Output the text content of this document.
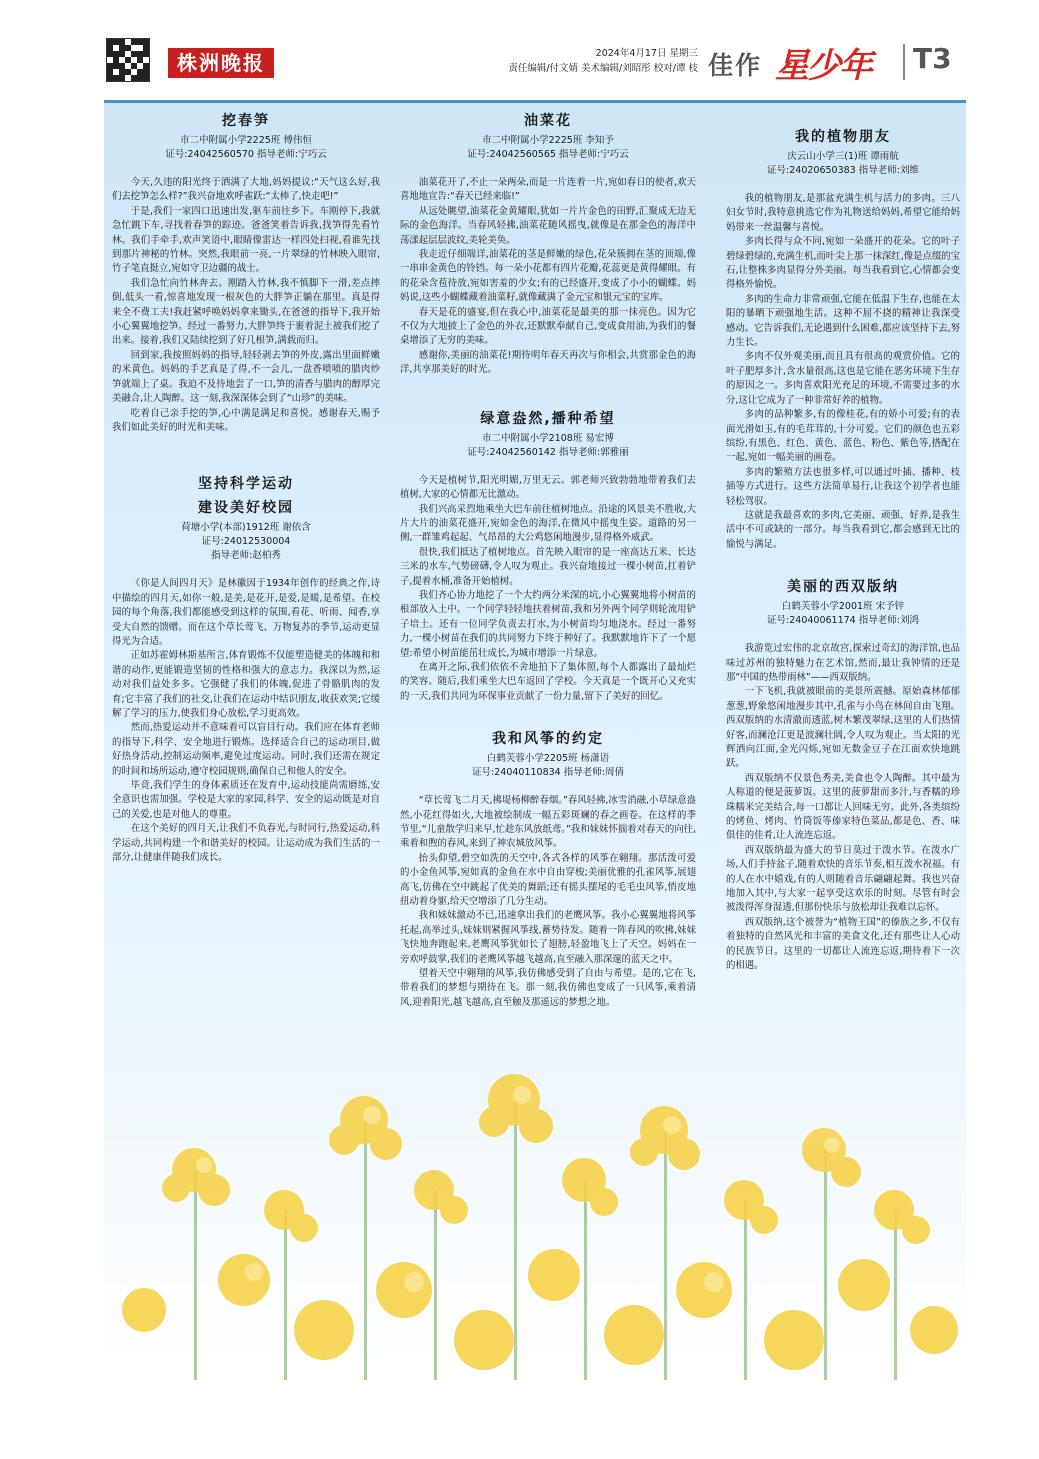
株洲晚报	2024年4月17日 星期三
责任编辑/付文婧 美术编辑/刘昭彤 校对/谭 枝 佳作 星少年 T3
挖春笋
市二中附属小学2225班 傅伟恒
证号:24042560570 指导老师:宁巧云

今天,久违的阳光终于洒满了大地,妈妈提议:“天气这么好,我们去挖笋怎么样?”我兴奋地欢呼雀跃:“太棒了,快走吧!”

于是,我们一家四口迅速出发,驱车前往乡下。车刚停下,我就急忙跳下车,寻找着春笋的踪迹。爸爸笑着告诉我,找笋得先看竹林。我们手牵手,欢声笑语中,眼睛像雷达一样四处扫视,看谁先找到那片神秘的竹林。突然,我眼前一亮,一片翠绿的竹林映入眼帘,竹子笔直挺立,宛如守卫边疆的战士。

我们急忙向竹林奔去。刚踏入竹林,我不慎脚下一滑,差点摔倒,低头一看,惊喜地发现一根灰色的大胖笋正躺在那里。真是得来全不费工夫!我赶紧呼唤妈妈拿来锄头,在爸爸的指导下,我开始小心翼翼地挖笋。经过一番努力,大胖笋终于裹着泥土被我们挖了出来。接着,我们又陆续挖到了好几根笋,满载而归。

回到家,我按照妈妈的指导,轻轻剥去笋的外皮,露出里面鲜嫩的米黄色。妈妈的手艺真是了得,不一会儿,一盘香喷喷的腊肉炒笋就端上了桌。我迫不及待地尝了一口,笋的清香与腊肉的醇厚完美融合,让人陶醉。这一刻,我深深体会到了“山珍”的美味。

吃着自己亲手挖的笋,心中满是满足和喜悦。感谢春天,赐予我们如此美好的时光和美味。

坚持科学运动
建设美好校园
荷塘小学(本部)1912班 谢依含
证号:24012530004
指导老师:赵柏秀

《你是人间四月天》是林徽因于1934年创作的经典之作,诗中描绘的四月天,如你一般,是美,是花开,是爱,是暖,是希望。在校园的每个角落,我们都能感受到这样的氛围,看花、听雨、闻香,享受大自然的馈赠。而在这个草长莺飞、万物复苏的季节,运动更显得光为合适。

正如苏霍姆林斯基所言,体育锻炼不仅能塑造健美的体魄和和谐的动作,更能锻造坚韧的性格和强大的意志力。我深以为然,运动对我们益处多多。它强健了我们的体魄,促进了骨骼肌肉的发育;它丰富了我们的社交,让我们在运动中结识朋友,收获欢笑;它缓解了学习的压力,使我们身心放松,学习更高效。

然而,热爱运动并不意味着可以盲目行动。我们应在体育老师的指导下,科学、安全地进行锻炼。选择适合自己的运动项目,做好热身活动,控制运动频率,避免过度运动。同时,我们还需在规定的时间和场所运动,遵守校园规则,确保自己和他人的安全。

毕竟,我们学生的身体素质还在发育中,运动技能尚需磨练,安全意识也需加强。学校是大家的家园,科学、安全的运动既是对自己的关爱,也是对他人的尊重。

在这个美好的四月天,让我们不负春光,与时同行,热爱运动,科学运动,共同构建一个和谐美好的校园。让运动成为我们生活的一部分,让健康伴随我们成长。

油菜花
市二中附属小学2225班 李知予
证号:24042560565 指导老师:宁巧云

油菜花开了,不止一朵两朵,而是一片连着一片,宛如春日的使者,欢天喜地地宣告:“春天已经来临!”

从远处眺望,油菜花金黄耀眼,犹如一片片金色的田野,汇聚成无边无际的金色海洋。当春风轻拂,油菜花随风摇曳,就像是在那金色的海洋中荡漾起层层波纹,美轮美奂。

我走近仔细端详,油菜花的茎是鲜嫩的绿色,花朵簇拥在茎的顶端,像一串串金黄色的铃铛。每一朵小花都有四片花瓣,花蕊更是黄得耀眼。有的花朵含苞待放,宛如害羞的少女;有的已经盛开,变成了小小的蝴蝶。妈妈说,这些小蝴蝶藏着油菜籽,就像藏满了金元宝和银元宝的宝库。

春天是花的盛宴,但在我心中,油菜花是最美的那一抹亮色。因为它不仅为大地披上了金色的外衣,还默默奉献自己,变成食用油,为我们的餐桌增添了无穷的美味。

感谢你,美丽的油菜花!期待明年春天再次与你相会,共赏那金色的海洋,共享那美好的时光。

绿意盎然,播种希望
市二中附属小学2108班 易宏博
证号:24042560142 指导老师:郭雅丽

今天是植树节,阳光明媚,万里无云。郭老师兴致勃勃地带着我们去植树,大家的心情都无比激动。

我们兴高采烈地乘坐大巴车前往植树地点。沿途的风景美不胜收,大片大片的油菜花盛开,宛如金色的海洋,在微风中摇曳生姿。道路的另一侧,一群雏鸡起起、气昂昂的大公鸡悠闲地漫步,显得格外威武。

很快,我们抵达了植树地点。首先映入眼帘的是一座高达五米、长达三米的水车,气势磅礴,令人叹为观止。我兴奋地接过一棵小树苗,扛着铲子,提着水桶,准备开始植树。

我们齐心协力地挖了一个大约两分米深的坑,小心翼翼地将小树苗的根部放入土中。一个同学轻轻地扶着树苗,我和另外两个同学则轮流用铲子培土。还有一位同学负责去打水,为小树苗均匀地浇水。经过一番努力,一棵小树苗在我们的共同努力下终于种好了。我默默地许下了一个愿望:希望小树苗能茁壮成长,为城市增添一片绿意。

在离开之际,我们依依不舍地拍下了集体照,每个人都露出了最灿烂的笑容。随后,我们乘坐大巴车返回了学校。今天真是一个既开心又充实的一天,我们共同为环保事业贡献了一份力量,留下了美好的回忆。

我和风筝的约定
白鹤芙蓉小学2205班 杨潇语
证号:24040110834 指导老师:周倩

“草长莺飞二月天,拂堤杨柳醉春烟。”春风轻拂,冰雪消融,小草绿意盎然,小花红得如火,大地被绘制成一幅五彩斑斓的春之画卷。在这样的季节里,“儿童散学归来早,忙趁东风放纸鸢。”我和妹妹怀揣着对春天的向往,乘着和煦的春风,来到了神农城放风筝。

抬头仰望,碧空如洗的天空中,各式各样的风筝在翱翔。那活泼可爱的小金鱼风筝,宛如真的金鱼在水中自由穿梭;美丽优雅的孔雀风筝,展翅高飞,仿佛在空中跳起了优美的舞蹈;还有摇头摆尾的毛毛虫风筝,悄皮地扭动着身躯,给天空增添了几分生动。

我和妹妹激动不已,迅速拿出我们的老鹰风筝。我小心翼翼地将风筝托起,高举过头,妹妹则紧握风筝线,蓄势待发。随着一阵春风的吹拂,妹妹飞快地奔跑起来,老鹰风筝犹如长了翅膀,轻盈地飞上了天空。妈妈在一旁欢呼鼓掌,我们的老鹰风筝越飞越高,直至融入那深邃的蓝天之中。

望着天空中翱翔的风筝,我仿佛感受到了自由与希望。是的,它在飞,带着我们的梦想与期待在飞。那一刻,我仿佛也变成了一只风筝,乘着清风,迎着阳光,越飞越高,直至触及那遥远的梦想之地。

我的植物朋友
庆云山小学三(1)班 谭雨航
证号:24020650383 指导老师:刘维

我的植物朋友,是那盆充满生机与活力的多肉。三八妇女节时,我特意挑选它作为礼物送给妈妈,希望它能给妈妈带来一丝温馨与喜悦。

多肉长得与众不同,宛如一朵盛开的花朵。它的叶子碧绿碧绿的,充满生机,而叶尖上那一抹深红,像是点缀的宝石,让整株多肉显得分外美丽。每当我看到它,心情都会变得格外愉悦。

多肉的生命力非常顽强,它能在低温下生存,也能在太阳的暴晒下顽强地生活。这种不屈不挠的精神让我深受感动。它告诉我们,无论遇到什么困难,都应该坚持下去,努力生长。

多肉不仅外观美丽,而且具有很高的观赏价值。它的叶子肥厚多汁,含水量很高,这也是它能在恶劣环境下生存的原因之一。多肉喜欢阳光充足的环境,不需要过多的水分,这让它成为了一种非常好养的植物。

多肉的品种繁多,有的像桂花,有的娇小可爱;有的表面光滑如玉,有的毛茸茸的,十分可爱。它们的颜色也五彩缤纷,有黑色、红色、黄色、蓝色、粉色、紫色等,搭配在一起,宛如一幅美丽的画卷。

多肉的繁殖方法也很多样,可以通过叶插、播种、枝插等方式进行。这些方法简单易行,让我这个初学者也能轻松驾驭。

这就是我最喜欢的多肉,它美丽、顽强、好养,是我生活中不可或缺的一部分。每当我看到它,都会感到无比的愉悦与满足。

美丽的西双版纳
白鹤芙蓉小学2001班 宋予锌
证号:24040061174 指导老师:刘鸿

我游览过宏伟的北京故宫,探索过奇幻的海洋馆,也品味过苏州的独特魅力在艺术馆,然而,最让我钟情的还是那“中国的热带雨林”——西双版纳。

一下飞机,我就被眼前的美景所震撼。原始森林郁郁葱葱,野象悠闲地漫步其中,孔雀与小鸟在林间自由飞翔。西双版纳的水清澈而透蓝,树木繁茂翠绿,这里的人们热情好客,而澜沧江更是波澜壮阔,令人叹为观止。当太阳的光辉洒向江面,金光闪烁,宛如无数金豆子在江面欢快地跳跃。

西双版纳不仅景色秀美,美食也令人陶醉。其中最为人称道的便是菠萝饭。这里的菠萝甜而多汁,与香糯的珍珠糯米完美结合,每一口都让人回味无穷。此外,各类缤纷的烤鱼、烤肉、竹筒饭等傣家特色菜品,都是色、香、味俱佳的佳肴,让人流连忘返。

西双版纳最为盛大的节日莫过于泼水节。在泼水广场,人们手持盆子,随着欢快的音乐节奏,相互泼水祝福。有的人在水中嬉戏,有的人则随着音乐翩翩起舞。我也兴奋地加入其中,与大家一起享受这欢乐的时刻。尽管有时会被泼得浑身湿透,但那份快乐与放松却让我难以忘怀。

西双版纳,这个被誉为“植物王国”的傣族之乡,不仅有着独特的自然风光和丰富的美食文化,还有那些让人心动的民族节日。这里的一切都让人流连忘返,期待着下一次的相遇。
